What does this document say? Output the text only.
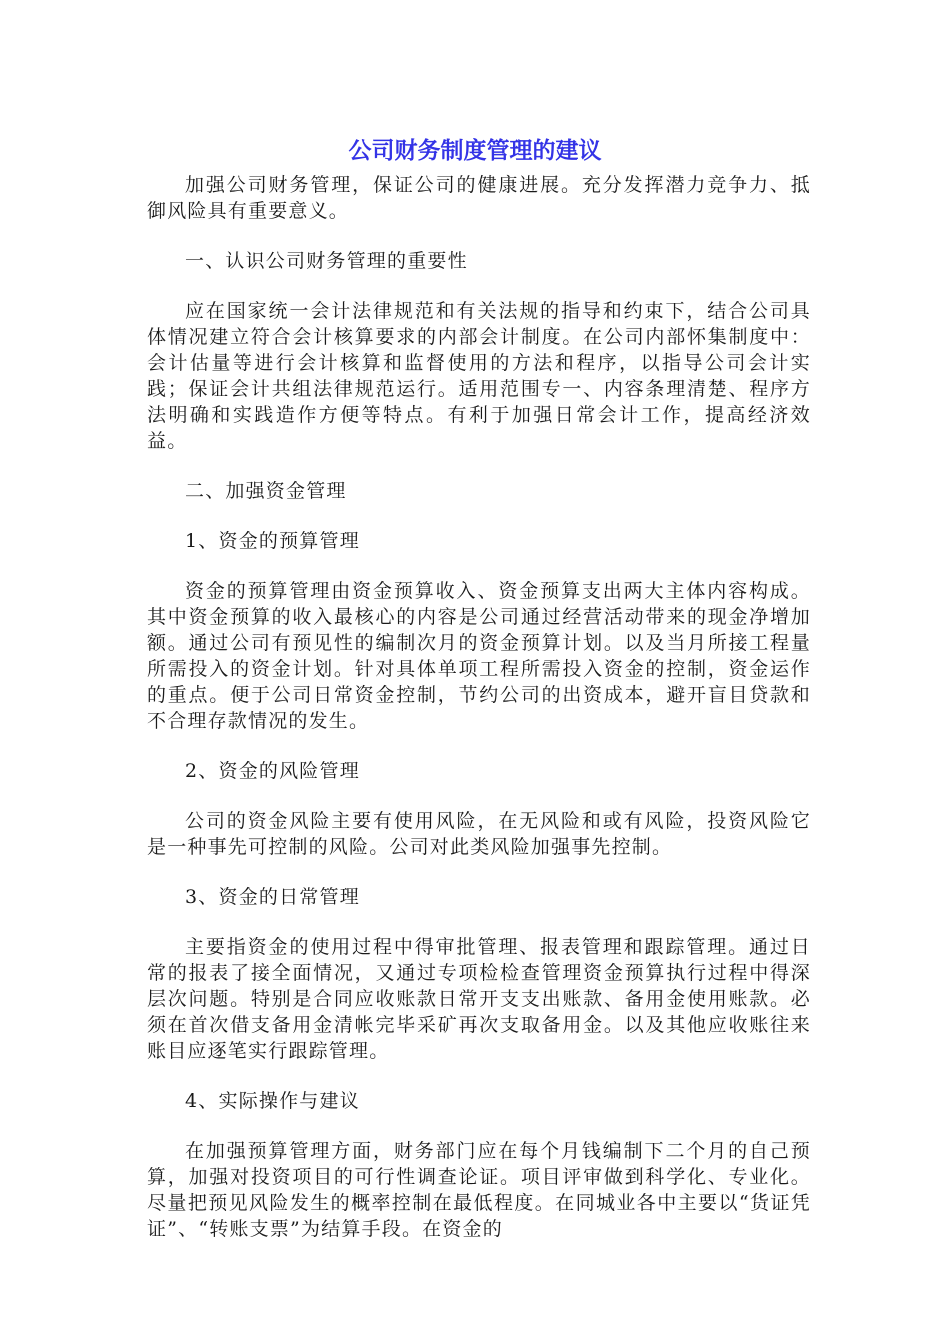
公司财务制度管理的建议

加强公司财务管理，保证公司的健康进展。充分发挥潜力竞争力、抵御风险具有重要意义。

一、认识公司财务管理的重要性

应在国家统一会计法律规范和有关法规的指导和约束下，结合公司具体情况建立符合会计核算要求的内部会计制度。在公司内部怀集制度中：会计估量等进行会计核算和监督使用的方法和程序，以指导公司会计实践；保证会计共组法律规范运行。适用范围专一、内容条理清楚、程序方法明确和实践造作方便等特点。有利于加强日常会计工作，提高经济效益。

二、加强资金管理

1、资金的预算管理

资金的预算管理由资金预算收入、资金预算支出两大主体内容构成。其中资金预算的收入最核心的内容是公司通过经营活动带来的现金净增加额。通过公司有预见性的编制次月的资金预算计划。以及当月所接工程量所需投入的资金计划。针对具体单项工程所需投入资金的控制，资金运作的重点。便于公司日常资金控制，节约公司的出资成本，避开盲目贷款和不合理存款情况的发生。

2、资金的风险管理

公司的资金风险主要有使用风险，在无风险和或有风险，投资风险它是一种事先可控制的风险。公司对此类风险加强事先控制。

3、资金的日常管理

主要指资金的使用过程中得审批管理、报表管理和跟踪管理。通过日常的报表了接全面情况，又通过专项检检查管理资金预算执行过程中得深层次问题。特别是合同应收账款日常开支支出账款、备用金使用账款。必须在首次借支备用金清帐完毕采矿再次支取备用金。以及其他应收账往来账目应逐笔实行跟踪管理。

4、实际操作与建议

在加强预算管理方面，财务部门应在每个月钱编制下二个月的自己预算，加强对投资项目的可行性调查论证。项目评审做到科学化、专业化。尽量把预见风险发生的概率控制在最低程度。在同城业各中主要以“货证凭证”、“转账支票”为结算手段。在资金的
